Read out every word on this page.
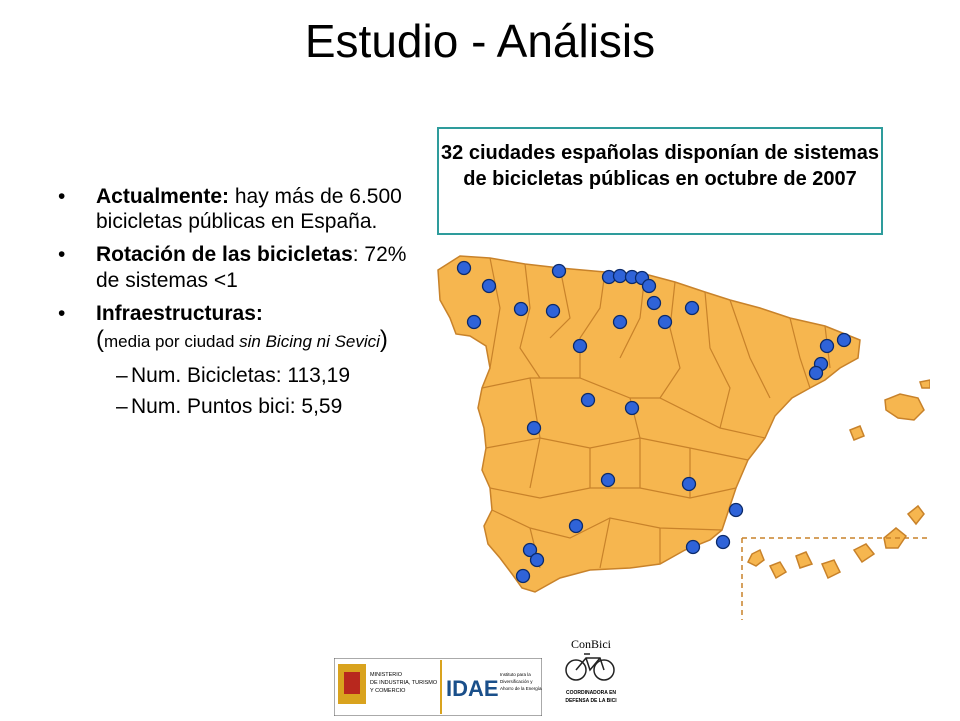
Estudio - Análisis
• Actualmente: hay más de 6.500 bicicletas públicas en España.
• Rotación de las bicicletas: 72% de sistemas <1
• Infraestructuras:
(media por ciudad sin Bicing ni Sevici)
– Num. Bicicletas: 113,19
– Num. Puntos bici: 5,59
32 ciudades españolas disponían de sistemas de bicicletas públicas en octubre de 2007
MINISTERIO
DE INDUSTRIA, TURISMO
Y COMERCIO IDAE
Instituto para la
Diversificación y
Ahorro de la Energía
ConBici
COORDINADORA EN
DEFENSA DE LA BICI
